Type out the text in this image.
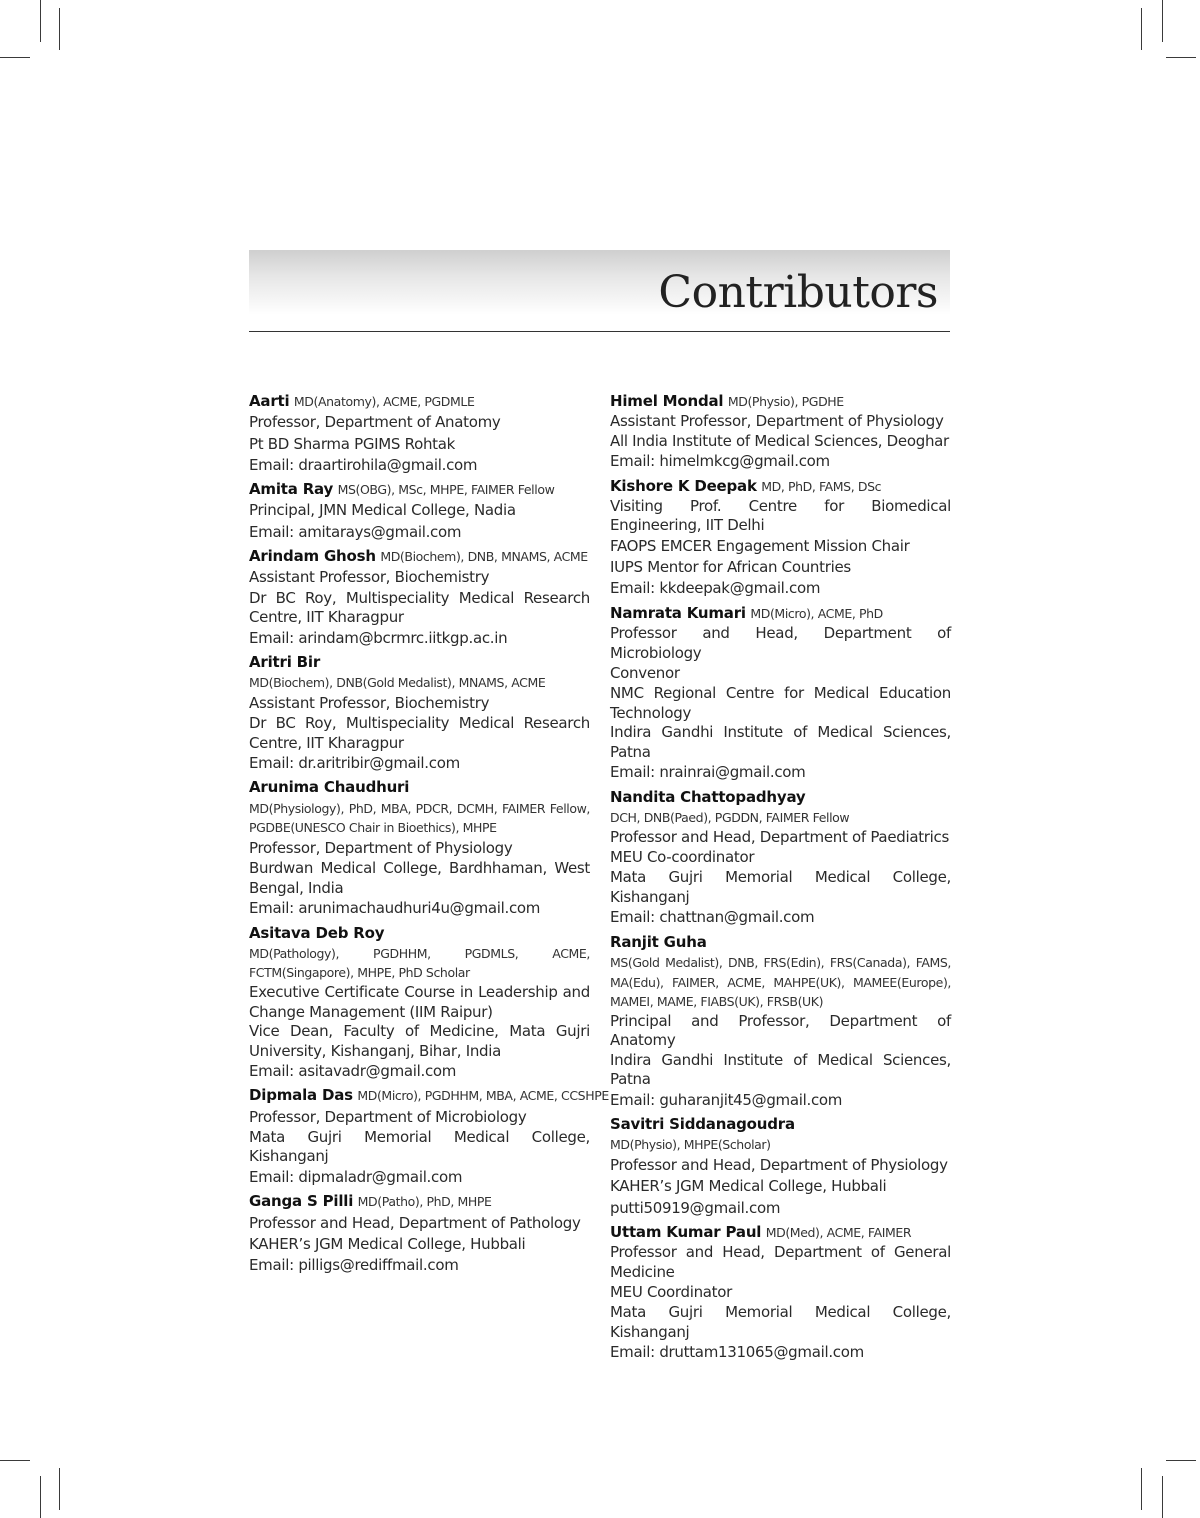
Contributors
Aarti MD(Anatomy), ACME, PGDMLE
Professor, Department of Anatomy
Pt BD Sharma PGIMS Rohtak
Email: draartirohila@gmail.com
Amita Ray MS(OBG), MSc, MHPE, FAIMER Fellow
Principal, JMN Medical College, Nadia
Email: amitarays@gmail.com
Arindam Ghosh MD(Biochem), DNB, MNAMS, ACME
Assistant Professor, Biochemistry
Dr BC Roy, Multispeciality Medical Research Centre, IIT Kharagpur
Email: arindam@bcrmrc.iitkgp.ac.in
Aritri Bir
MD(Biochem), DNB(Gold Medalist), MNAMS, ACME
Assistant Professor, Biochemistry
Dr BC Roy, Multispeciality Medical Research Centre, IIT Kharagpur
Email: dr.aritribir@gmail.com
Arunima Chaudhuri
MD(Physiology), PhD, MBA, PDCR, DCMH, FAIMER Fellow, PGDBE(UNESCO Chair in Bioethics), MHPE
Professor, Department of Physiology
Burdwan Medical College, Bardhhaman, West Bengal, India
Email: arunimachaudhuri4u@gmail.com
Asitava Deb Roy
MD(Pathology), PGDHHM, PGDMLS, ACME, FCTM(Singapore), MHPE, PhD Scholar
Executive Certificate Course in Leadership and Change Management (IIM Raipur)
Vice Dean, Faculty of Medicine, Mata Gujri University, Kishanganj, Bihar, India
Email: asitavadr@gmail.com
Dipmala Das MD(Micro), PGDHHM, MBA, ACME, CCSHPE
Professor, Department of Microbiology
Mata Gujri Memorial Medical College, Kishanganj
Email: dipmaladr@gmail.com
Ganga S Pilli MD(Patho), PhD, MHPE
Professor and Head, Department of Pathology
KAHER’s JGM Medical College, Hubbali
Email: pilligs@rediffmail.com
Himel Mondal MD(Physio), PGDHE
Assistant Professor, Department of Physiology
All India Institute of Medical Sciences, Deoghar
Email: himelmkcg@gmail.com
Kishore K Deepak MD, PhD, FAMS, DSc
Visiting Prof. Centre for Biomedical Engineering, IIT Delhi
FAOPS EMCER Engagement Mission Chair
IUPS Mentor for African Countries
Email: kkdeepak@gmail.com
Namrata Kumari MD(Micro), ACME, PhD
Professor and Head, Department of Microbiology
Convenor
NMC Regional Centre for Medical Education Technology
Indira Gandhi Institute of Medical Sciences, Patna
Email: nrainrai@gmail.com
Nandita Chattopadhyay
DCH, DNB(Paed), PGDDN, FAIMER Fellow
Professor and Head, Department of Paediatrics
MEU Co-coordinator
Mata Gujri Memorial Medical College, Kishanganj
Email: chattnan@gmail.com
Ranjit Guha
MS(Gold Medalist), DNB, FRS(Edin), FRS(Canada), FAMS, MA(Edu), FAIMER, ACME, MAHPE(UK), MAMEE(Europe), MAMEI, MAME, FIABS(UK), FRSB(UK)
Principal and Professor, Department of Anatomy
Indira Gandhi Institute of Medical Sciences, Patna
Email: guharanjit45@gmail.com
Savitri Siddanagoudra
MD(Physio), MHPE(Scholar)
Professor and Head, Department of Physiology
KAHER’s JGM Medical College, Hubbali
putti50919@gmail.com
Uttam Kumar Paul MD(Med), ACME, FAIMER
Professor and Head, Department of General Medicine
MEU Coordinator
Mata Gujri Memorial Medical College, Kishanganj
Email: druttam131065@gmail.com
